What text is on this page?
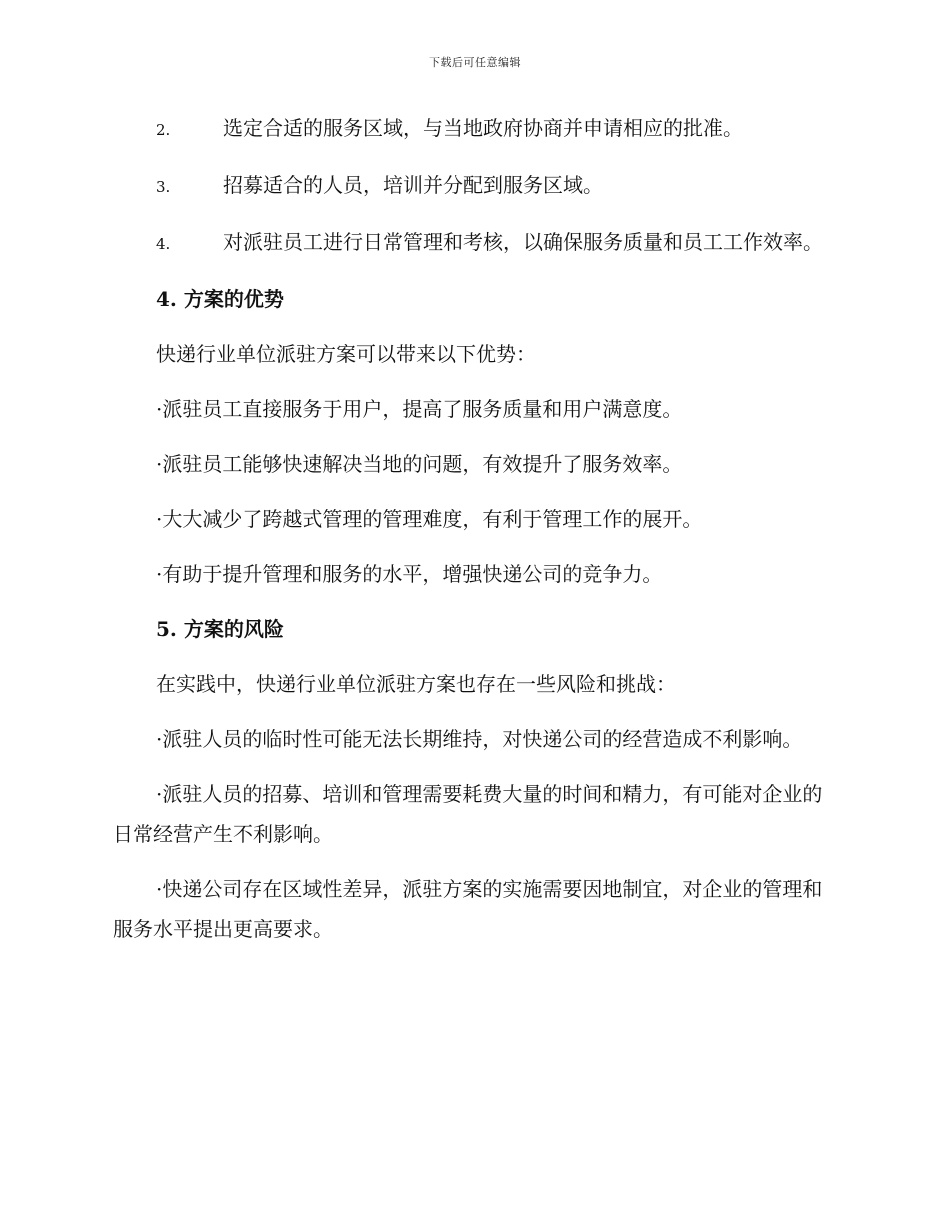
下载后可任意编辑

2.	选定合适的服务区域，与当地政府协商并申请相应的批准。

3.	招募适合的人员，培训并分配到服务区域。

4.	对派驻员工进行日常管理和考核，以确保服务质量和员工工作效率。

4. 方案的优势

快递行业单位派驻方案可以带来以下优势：

·派驻员工直接服务于用户，提高了服务质量和用户满意度。

·派驻员工能够快速解决当地的问题，有效提升了服务效率。

·大大减少了跨越式管理的管理难度，有利于管理工作的展开。

·有助于提升管理和服务的水平，增强快递公司的竞争力。

5. 方案的风险

在实践中，快递行业单位派驻方案也存在一些风险和挑战：

·派驻人员的临时性可能无法长期维持，对快递公司的经营造成不利影响。

·派驻人员的招募、培训和管理需要耗费大量的时间和精力，有可能对企业的日常经营产生不利影响。

·快递公司存在区域性差异，派驻方案的实施需要因地制宜，对企业的管理和服务水平提出更高要求。
